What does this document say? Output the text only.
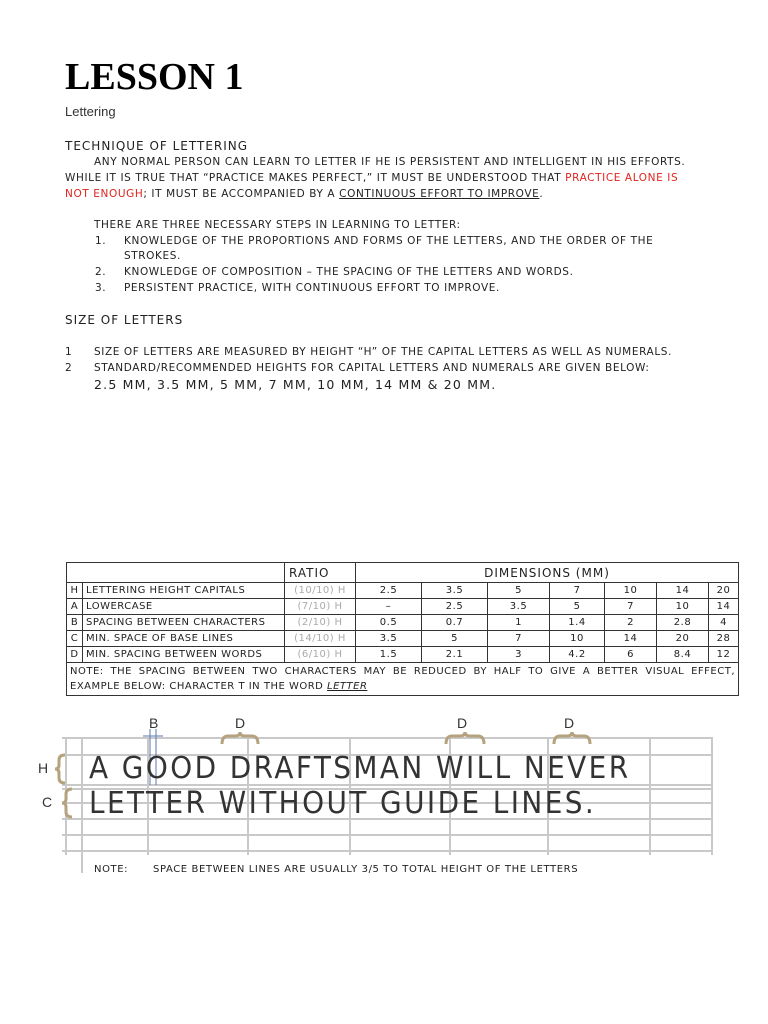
LESSON 1

Lettering

TECHNIQUE OF LETTERING
ANY NORMAL PERSON CAN LEARN TO LETTER IF HE IS PERSISTENT AND INTELLIGENT IN HIS EFFORTS.
WHILE IT IS TRUE THAT “PRACTICE MAKES PERFECT,” IT MUST BE UNDERSTOOD THAT PRACTICE ALONE IS
NOT ENOUGH; IT MUST BE ACCOMPANIED BY A CONTINUOUS EFFORT TO IMPROVE.
THERE ARE THREE NECESSARY STEPS IN LEARNING TO LETTER:
1. KNOWLEDGE OF THE PROPORTIONS AND FORMS OF THE LETTERS, AND THE ORDER OF THE
STROKES.
2. KNOWLEDGE OF COMPOSITION – THE SPACING OF THE LETTERS AND WORDS.
3. PERSISTENT PRACTICE, WITH CONTINUOUS EFFORT TO IMPROVE.
SIZE OF LETTERS
1 SIZE OF LETTERS ARE MEASURED BY HEIGHT “H” OF THE CAPITAL LETTERS AS WELL AS NUMERALS.
2 STANDARD/RECOMMENDED HEIGHTS FOR CAPITAL LETTERS AND NUMERALS ARE GIVEN BELOW:
2.5 MM, 3.5 MM, 5 MM, 7 MM, 10 MM, 14 MM & 20 MM.
		RATIO	DIMENSIONS (MM)						
H	LETTERING HEIGHT CAPITALS	(10/10) H	2.5	3.5	5	7	10	14	20
A	LOWERCASE	(7/10) H	–	2.5	3.5	5	7	10	14
B	SPACING BETWEEN CHARACTERS	(2/10) H	0.5	0.7	1	1.4	2	2.8	4
C	MIN. SPACE OF BASE LINES	(14/10) H	3.5	5	7	10	14	20	28
D	MIN. SPACING BETWEEN WORDS	(6/10) H	1.5	2.1	3	4.2	6	8.4	12
NOTE: THE SPACING BETWEEN TWO CHARACTERS MAY BE REDUCED BY HALF TO GIVE A BETTER VISUAL EFFECT, EXAMPLE BELOW: CHARACTER T IN THE WORD LETTER									
B	D	D	D
H
C
A GOOD DRAFTSMAN WILL NEVER
LETTER WITHOUT GUIDE LINES.
NOTE: SPACE BETWEEN LINES ARE USUALLY 3/5 TO TOTAL HEIGHT OF THE LETTERS
